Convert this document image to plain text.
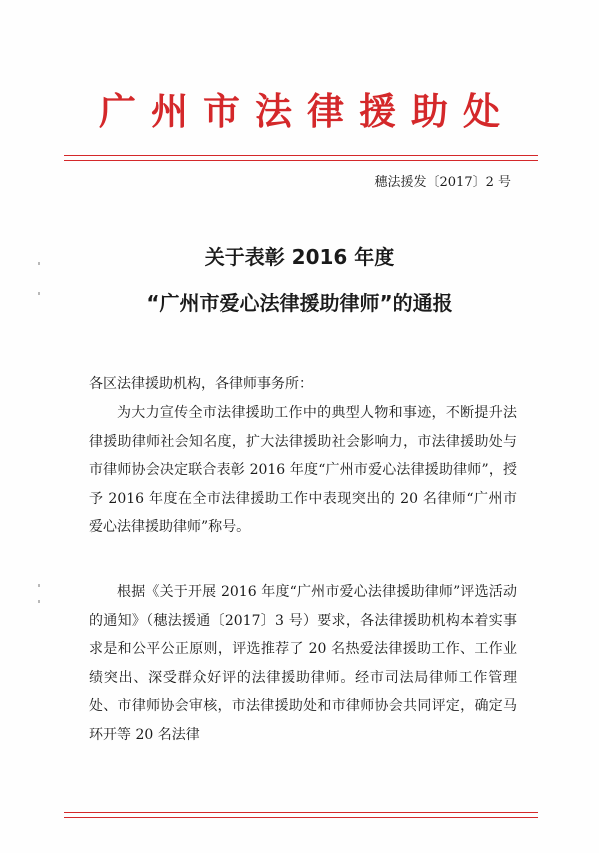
广州市法律援助处
穗法援发〔2017〕2 号
关于表彰 2016 年度
“广州市爱心法律援助律师”的通报
各区法律援助机构，各律师事务所：

为大力宣传全市法律援助工作中的典型人物和事迹，不断提升法律援助律师社会知名度，扩大法律援助社会影响力，市法律援助处与市律师协会决定联合表彰 2016 年度“广州市爱心法律援助律师”，授予 2016 年度在全市法律援助工作中表现突出的 20 名律师“广州市爱心法律援助律师”称号。

根据《关于开展 2016 年度“广州市爱心法律援助律师”评选活动的通知》（穗法援通〔2017〕3 号）要求，各法律援助机构本着实事求是和公平公正原则，评选推荐了 20 名热爱法律援助工作、工作业绩突出、深受群众好评的法律援助律师。经市司法局律师工作管理处、市律师协会审核，市法律援助处和市律师协会共同评定，确定马环开等 20 名法律
